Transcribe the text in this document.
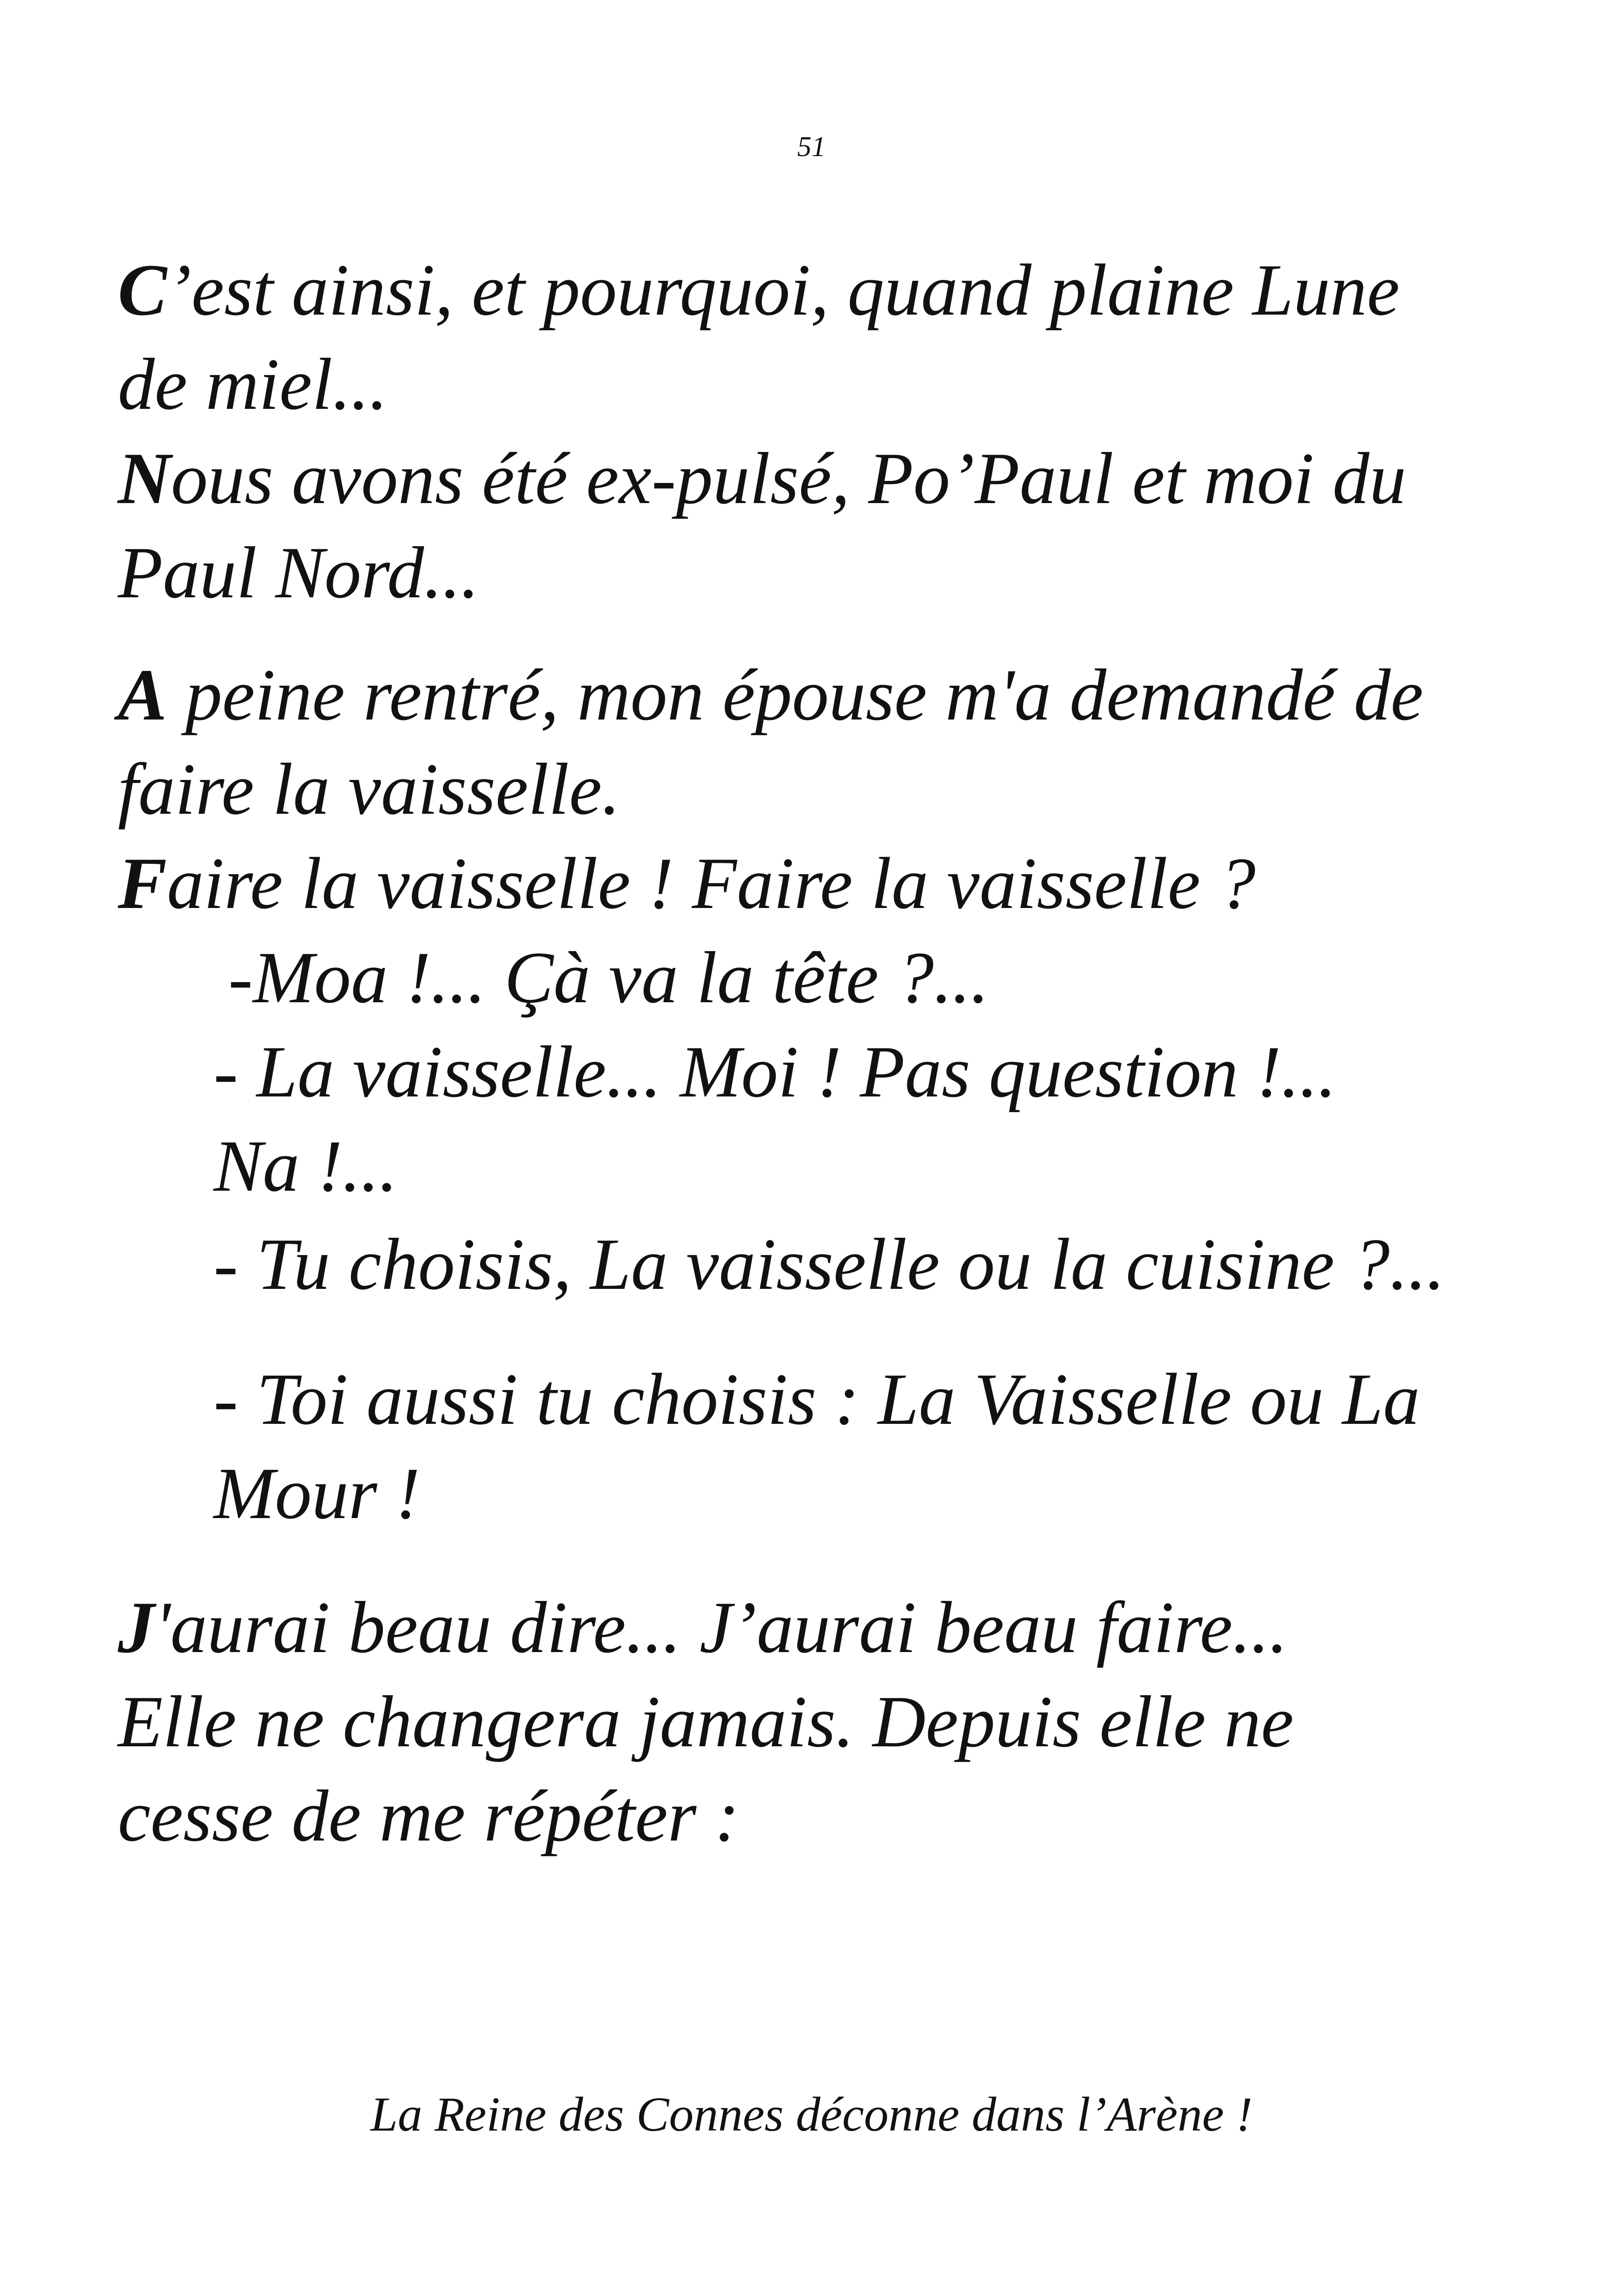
51
C’est ainsi, et pourquoi, quand plaine Lune
de miel...
Nous avons été ex-pulsé, Po’Paul et moi du
Paul Nord...
A peine rentré, mon épouse m'a demandé de
faire la vaisselle.
Faire la vaisselle ! Faire la vaisselle ?
-Moa !... Çà va la tête ?...
- La vaisselle... Moi ! Pas question !...
Na !...
- Tu choisis, La vaisselle ou la cuisine ?...
- Toi aussi tu choisis : La Vaisselle ou La
Mour !
J'aurai beau dire... J’aurai beau faire...
Elle ne changera jamais. Depuis elle ne
cesse de me répéter :
La Reine des Connes déconne dans l’Arène !
